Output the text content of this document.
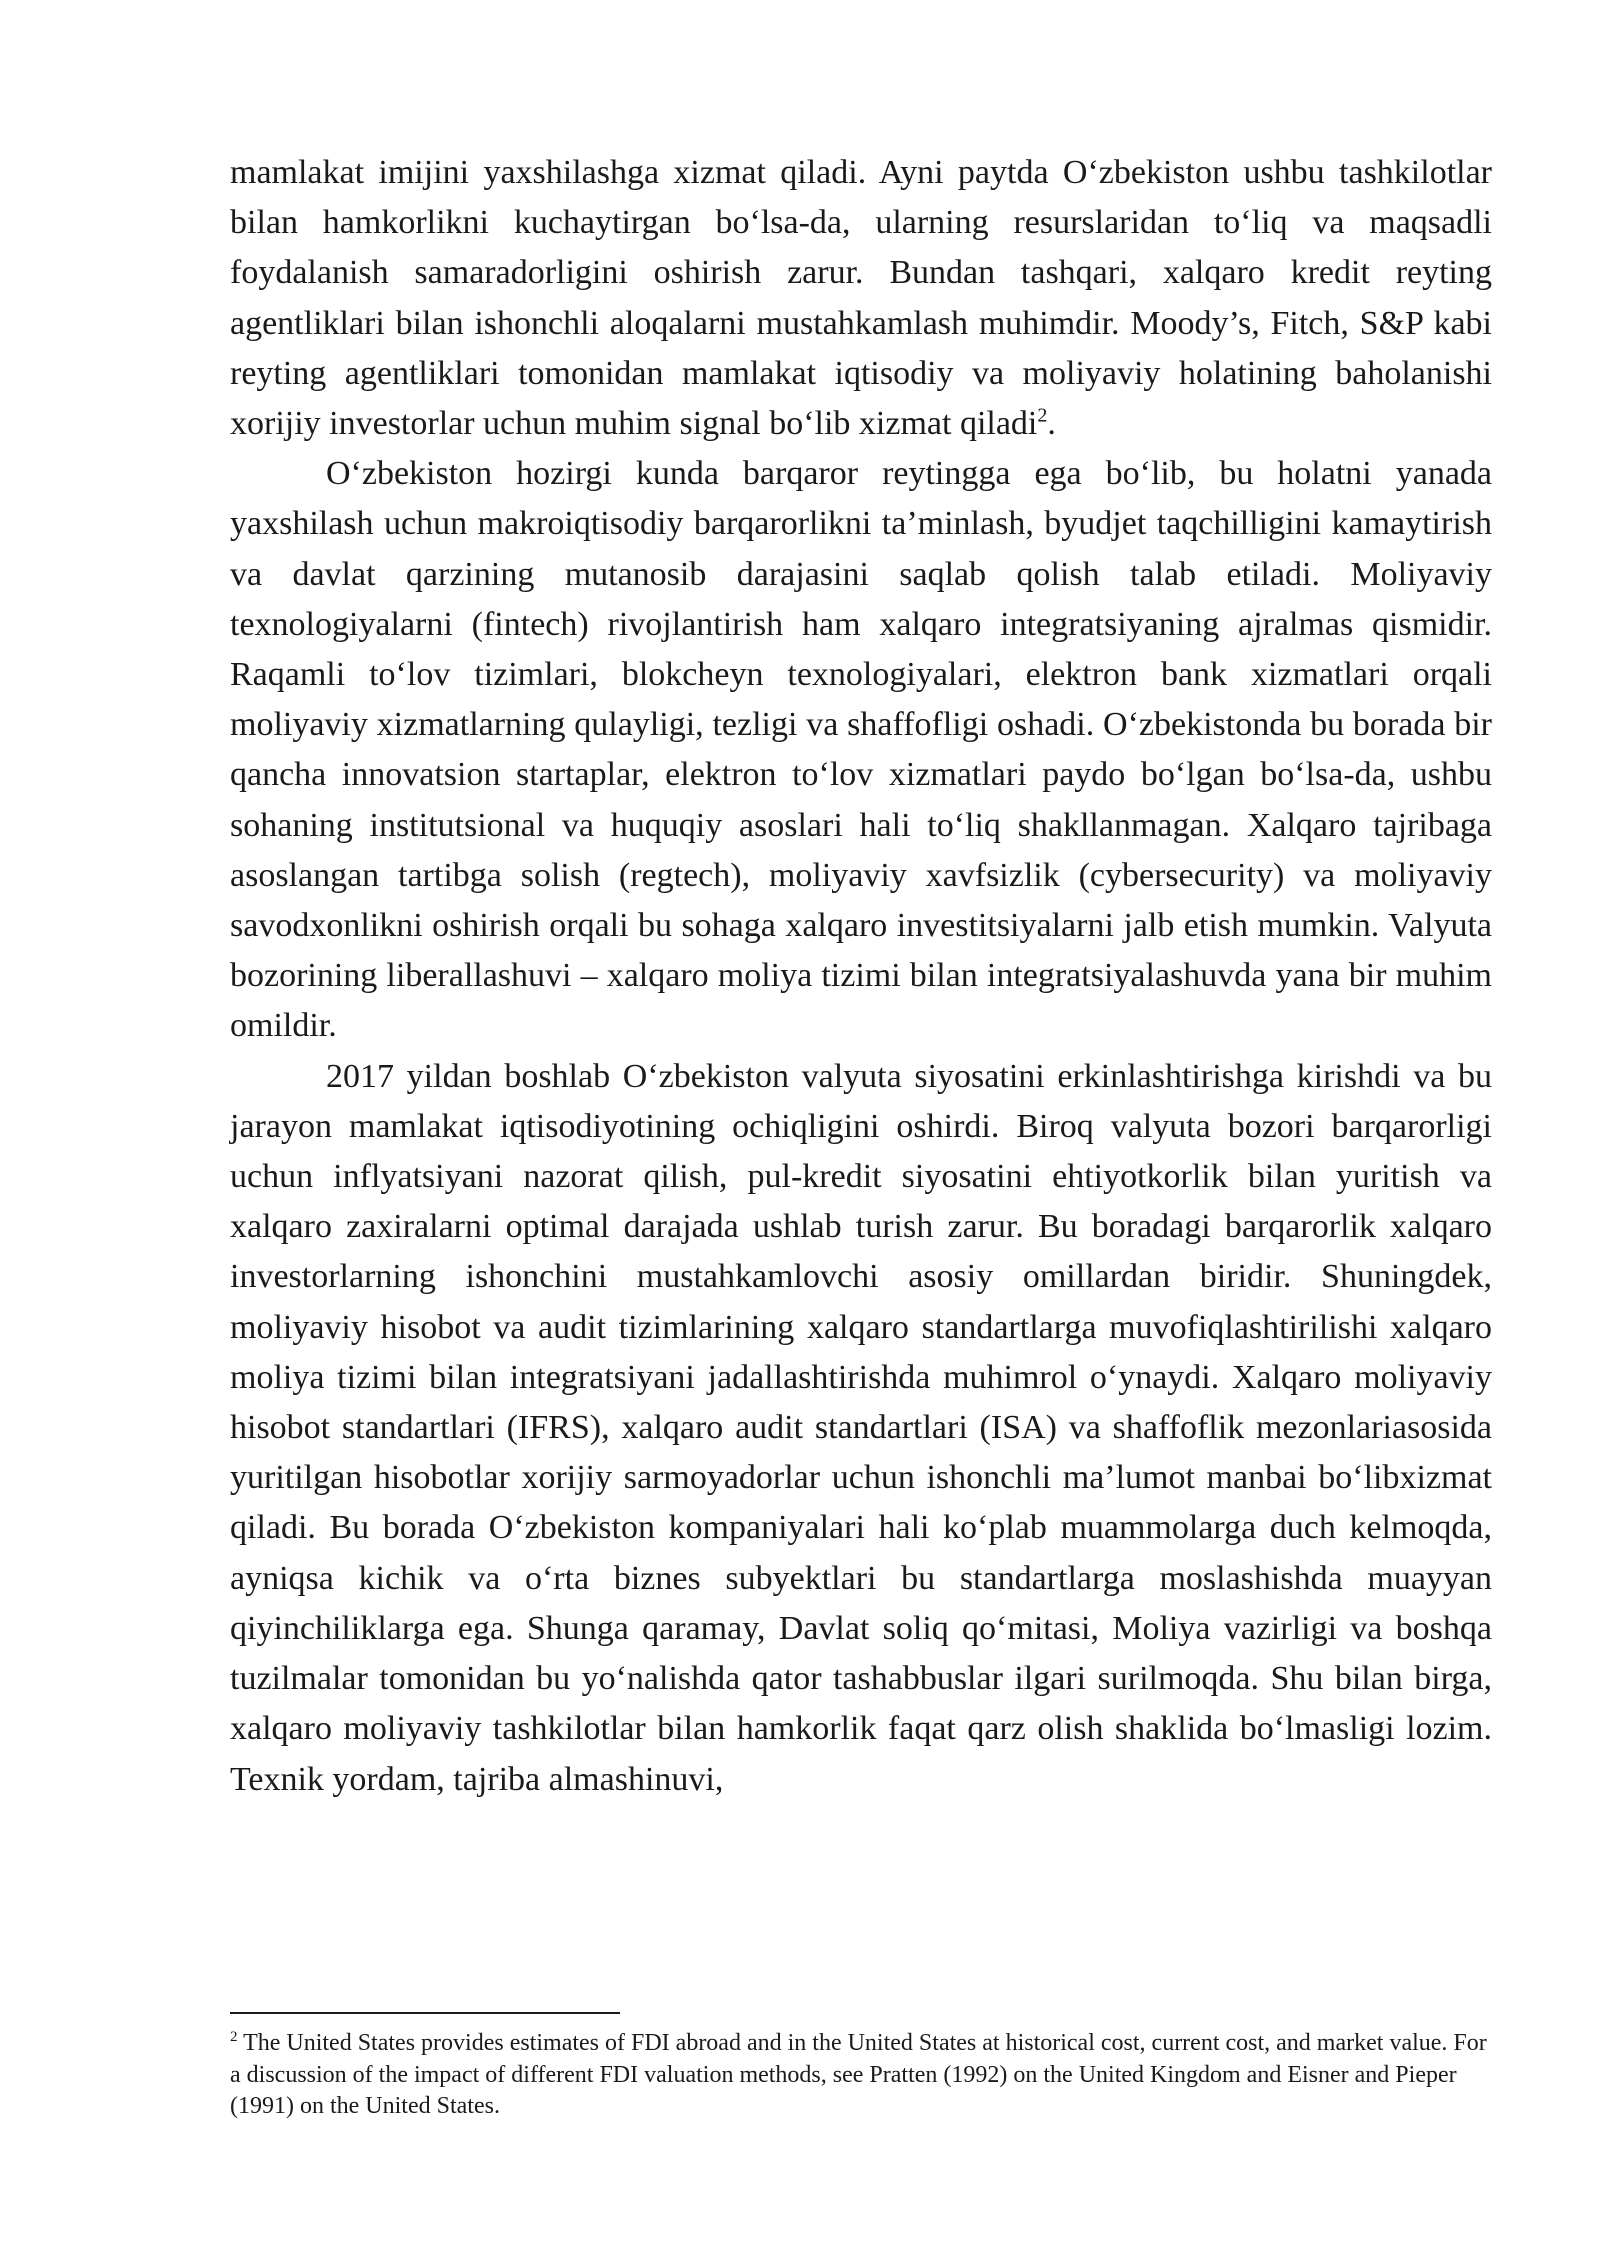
mamlakat imijini yaxshilashga xizmat qiladi. Ayni paytda O‘zbekiston ushbu tashkilotlar bilan hamkorlikni kuchaytirgan bo‘lsa-da, ularning resurslaridan to‘liq va maqsadli foydalanish samaradorligini oshirish zarur. Bundan tashqari, xalqaro kredit reyting agentliklari bilan ishonchli aloqalarni mustahkamlash muhimdir. Moody’s, Fitch, S&P kabi reyting agentliklari tomonidan mamlakat iqtisodiy va moliyaviy holatining baholanishi xorijiy investorlar uchun muhim signal bo‘lib xizmat qiladi$^2$.

O‘zbekiston hozirgi kunda barqaror reytingga ega bo‘lib, bu holatni yanada yaxshilash uchun makroiqtisodiy barqarorlikni ta’minlash, byudjet taqchilligini kamaytirish va davlat qarzining mutanosib darajasini saqlab qolish talab etiladi. Moliyaviy texnologiyalarni (fintech) rivojlantirish ham xalqaro integratsiyaning ajralmas qismidir. Raqamli to‘lov tizimlari, blokcheyn texnologiyalari, elektron bank xizmatlari orqali moliyaviy xizmatlarning qulayligi, tezligi va shaffofligi oshadi. O‘zbekistonda bu borada bir qancha innovatsion startaplar, elektron to‘lov xizmatlari paydo bo‘lgan bo‘lsa-da, ushbu sohaning institutsional va huquqiy asoslari hali to‘liq shakllanmagan. Xalqaro tajribaga asoslangan tartibga solish (regtech), moliyaviy xavfsizlik (cybersecurity) va moliyaviy savodxonlikni oshirish orqali bu sohaga xalqaro investitsiyalarni jalb etish mumkin. Valyuta bozorining liberallashuvi – xalqaro moliya tizimi bilan integratsiyalashuvda yana bir muhim omildir.

2017 yildan boshlab O‘zbekiston valyuta siyosatini erkinlashtirishga kirishdi va bu jarayon mamlakat iqtisodiyotining ochiqligini oshirdi. Biroq valyuta bozori barqarorligi uchun inflyatsiyani nazorat qilish, pul-kredit siyosatini ehtiyotkorlik bilan yuritish va xalqaro zaxiralarni optimal darajada ushlab turish zarur. Bu boradagi barqarorlik xalqaro investorlarning ishonchini mustahkamlovchi asosiy omillardan biridir. Shuningdek, moliyaviy hisobot va audit tizimlarining xalqaro standartlarga muvofiqlashtirilishi xalqaro moliya tizimi bilan integratsiyani jadallashtirishda muhimrol o‘ynaydi. Xalqaro moliyaviy hisobot standartlari (IFRS), xalqaro audit standartlari (ISA) va shaffoflik mezonlariasosida yuritilgan hisobotlar xorijiy sarmoyadorlar uchun ishonchli ma’lumot manbai bo‘libxizmat qiladi. Bu borada O‘zbekiston kompaniyalari hali ko‘plab muammolarga duch kelmoqda, ayniqsa kichik va o‘rta biznes subyektlari bu standartlarga moslashishda muayyan qiyinchiliklarga ega. Shunga qaramay, Davlat soliq qo‘mitasi, Moliya vazirligi va boshqa tuzilmalar tomonidan bu yo‘nalishda qator tashabbuslar ilgari surilmoqda. Shu bilan birga, xalqaro moliyaviy tashkilotlar bilan hamkorlik faqat qarz olish shaklida bo‘lmasligi lozim. Texnik yordam, tajriba almashinuvi,

$^2$ The United States provides estimates of FDI abroad and in the United States at historical cost, current cost, and market value. For a discussion of the impact of different FDI valuation methods, see Pratten (1992) on the United Kingdom and Eisner and Pieper (1991) on the United States.
